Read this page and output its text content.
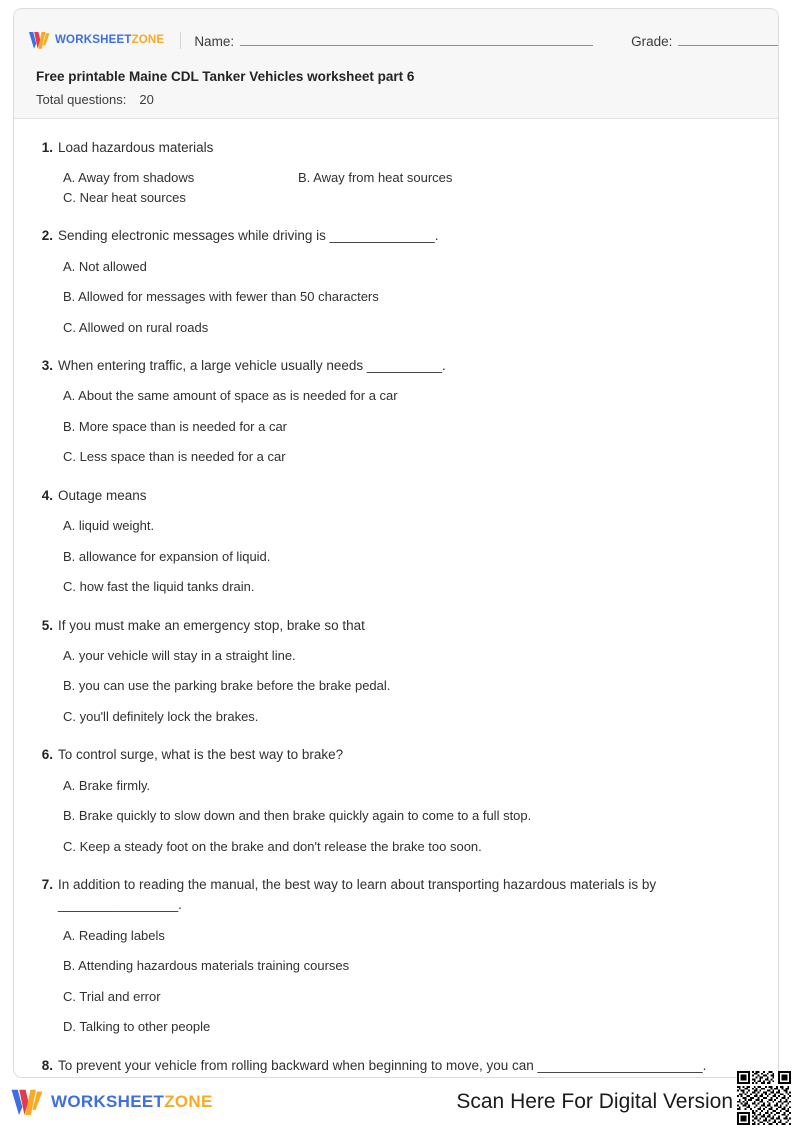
WORKSHEETZONE Name:	Grade:
Free printable Maine CDL Tanker Vehicles worksheet part 6
Total questions: 20
1. Load hazardous materials
A. Away from shadows	B. Away from heat sources
C. Near heat sources
2. Sending electronic messages while driving is ______________.
A. Not allowed
B. Allowed for messages with fewer than 50 characters
C. Allowed on rural roads
3. When entering traffic, a large vehicle usually needs __________.
A. About the same amount of space as is needed for a car
B. More space than is needed for a car
C. Less space than is needed for a car
4. Outage means
A. liquid weight.
B. allowance for expansion of liquid.
C. how fast the liquid tanks drain.
5. If you must make an emergency stop, brake so that
A. your vehicle will stay in a straight line.
B. you can use the parking brake before the brake pedal.
C. you'll definitely lock the brakes.
6. To control surge, what is the best way to brake?
A. Brake firmly.
B. Brake quickly to slow down and then brake quickly again to come to a full stop.
C. Keep a steady foot on the brake and don't release the brake too soon.
7. In addition to reading the manual, the best way to learn about transporting hazardous materials is by ________________.
A. Reading labels
B. Attending hazardous materials training courses
C. Trial and error
D. Talking to other people
8. To prevent your vehicle from rolling backward when beginning to move, you can ______________________.
WORKSHEETZONE	Scan Here For Digital Version
